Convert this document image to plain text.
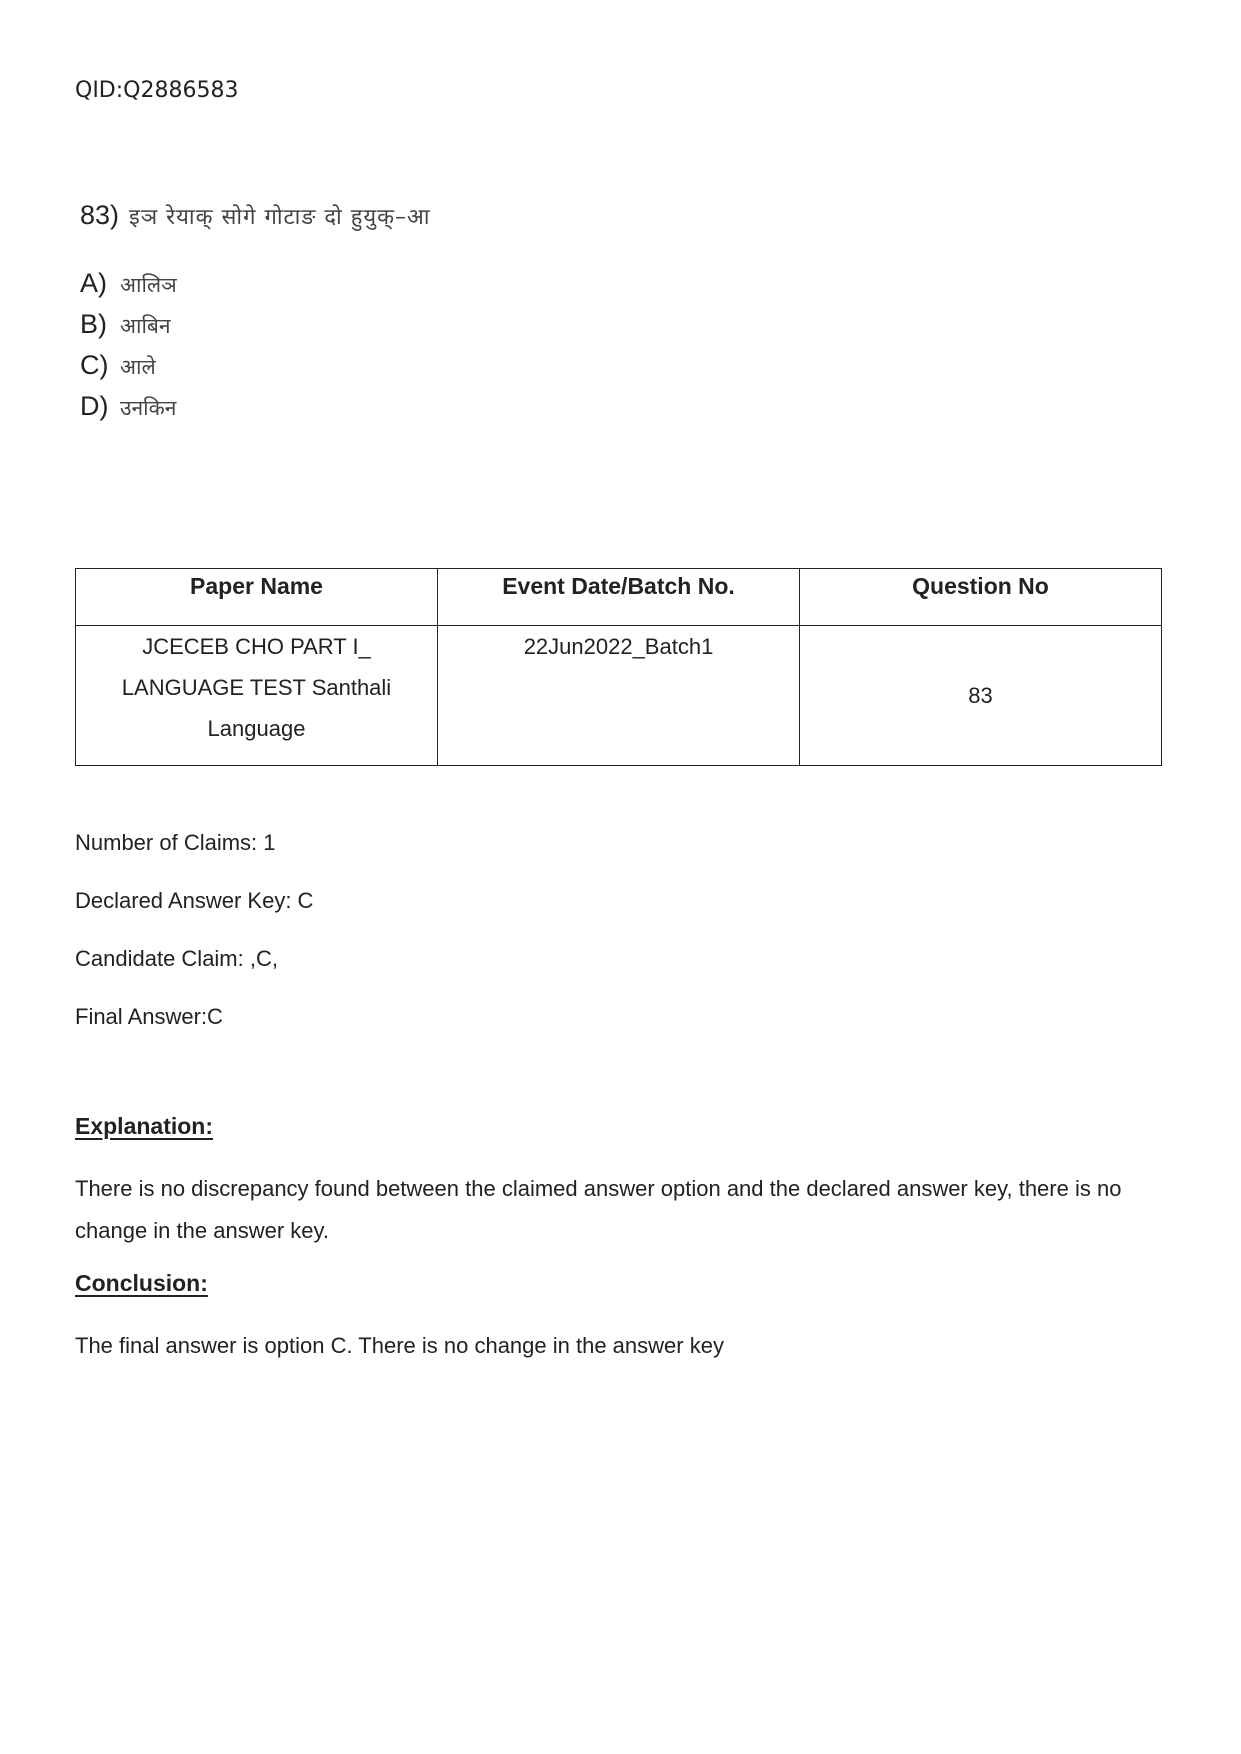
QID:Q2886583
83) इञ रेयाक् सोगे गोटाङ दो हुयुक्–आ
A) आलिञ
B) आबिन
C) आले
D) उनकिन
Paper Name	Event Date/Batch No.	Question No

JCECEB CHO PART I_
LANGUAGE TEST Santhali
Language	22Jun2022_Batch1	83

Number of Claims: 1

Declared Answer Key: C

Candidate Claim: ,C,

Final Answer:C

Explanation:

There is no discrepancy found between the claimed answer option and the declared answer key, there is no change in the answer key.

Conclusion:

The final answer is option C. There is no change in the answer key
